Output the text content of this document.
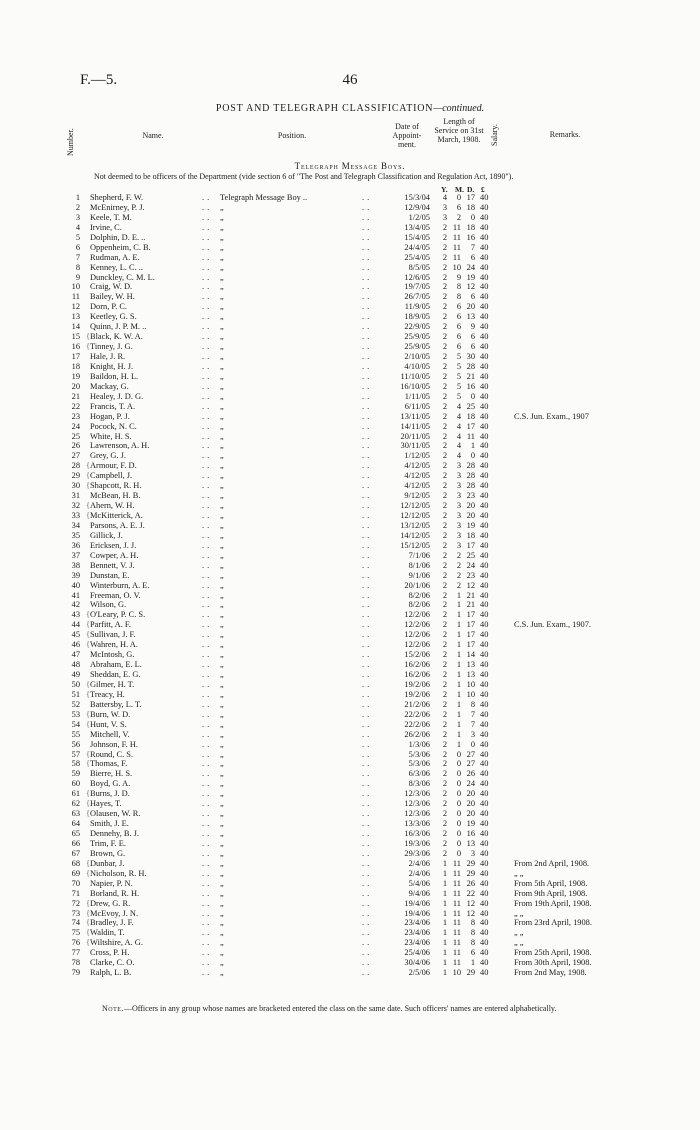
F.—5.	46
POST AND TELEGRAPH CLASSIFICATION—continued.
Number.	Name.	Position.
Date of Appoint-ment.
Length of Service on 31st March, 1908.	Salary.	Remarks.
Telegraph Message Boys.
Not deemed to be officers of the Department (vide section 6 of "The Post and Telegraph Classification and Regulation Act, 1890").
Y. M. D. £
1 Shepherd, F. W.	Telegraph Message Boy ..	15/3/04 4	0 17 40
..	..
2 McEnirney, P. J.	„	12/9/04 3	6 18 40
..	..
3 Keele, T. M.	„	1/2/05 3	2	0 40
..	..
4 Irvine, C.	„	13/4/05 2 11 18 40
..	..
5 Dolphin, D. E. ..	„	15/4/05 2 11 16 40
..	..
6 Oppenheim, C. B.	„	24/4/05 2 11	7 40
..	..
7 Rudman, A. E.	„	25/4/05 2 11	6 40
..	..
8 Kenney, L. C. ..	„	8/5/05 2 10 24 40
..	..
9 Dunckley, C. M. L.	„	12/6/05 2	9 19 40
..	..
10 Craig, W. D.	„	19/7/05 2	8 12 40
..	..
11 Bailey, W. H.	„	26/7/05 2	8	6 40
..	..
12 Dorn, P. C.	„	11/9/05 2	6 20 40
..	..
13 Keetley, G. S.	„	18/9/05 2	6 13 40
..	..
14 Quinn, J. P. M. ..	„	22/9/05 2	6	9 40
..	..
15 Black, K. W. A.	„	25/9/05 2	6	6 40
..	..
{
16 Tinney, J. G.	„	25/9/05 2	6	6 40
..	..
{
17 Hale, J. R.	„	2/10/05 2	5 30 40
..	..
18 Knight, H. J.	„	4/10/05 2	5 28 40
..	..
19 Baildon, H. L.	„	11/10/05 2	5 21 40
..	..
20 Mackay, G.	„	16/10/05 2	5 16 40
..	..
21 Healey, J. D. G.	„	1/11/05 2	5	0 40
..	..
22 Francis, T. A.	„	6/11/05 2	4 25 40
..	..
23 Hogan, P. J.	„	13/11/05 2	4 18 40	C.S. Jun. Exam., 1907
..	..
24 Pocock, N. C.	„	14/11/05 2	4 17 40
..	..
25 White, H. S.	„	20/11/05 2	4 11 40
..	..
26 Lawrenson, A. H.	„	30/11/05 2	4	1 40
..	..
27 Grey, G. J.	„	1/12/05 2	4	0 40
..	..
28 Armour, F. D.	„	4/12/05 2	3 28 40
..	..
{
29 Campbell, J.	„	4/12/05 2	3 28 40
..	..
{
30 Shapcott, R. H.	„	4/12/05 2	3 28 40
..	..
{
31 McBean, H. B.	„	9/12/05 2	3 23 40
..	..
32 Ahern, W. H.	„	12/12/05 2	3 20 40
..	..
{
33 McKitterick, A.	„	12/12/05 2	3 20 40
..	..
{
34 Parsons, A. E. J.	„	13/12/05 2	3 19 40
..	..
35 Gillick, J.	„	14/12/05 2	3 18 40
..	..
36 Ericksen, J. J.	„	15/12/05 2	3 17 40
..	..
37 Cowper, A. H.	„	7/1/06 2	2 25 40
..	..
38 Bennett, V. J.	„	8/1/06 2	2 24 40
..	..
39 Dunstan, E.	„	9/1/06 2	2 23 40
..	..
40 Winterburn, A. E.	„	20/1/06 2	2 12 40
..	..
41 Freeman, O. V.	„	8/2/06 2	1 21 40
..	..
42 Wilson, G.	„	8/2/06 2	1 21 40
..	..
43 O'Leary, P. C. S.	„	12/2/06 2	1 17 40
..	..
{
44 Parfitt, A. F.	„	12/2/06 2	1 17 40	C.S. Jun. Exam., 1907.
..	..
{
45 Sullivan, J. F.	„	12/2/06 2	1 17 40
..	..
{
46 Wahren, H. A.	„	12/2/06 2	1 17 40
..	..
{
47 McIntosh, G.	„	15/2/06 2	1 14 40
..	..
48 Abraham, E. L.	„	16/2/06 2	1 13 40
..	..
49 Sheddan, E. G.	„	16/2/06 2	1 13 40
..	..
50 Gilmer, H. T.	„	19/2/06 2	1 10 40
..	..
{
51 Treacy, H.	„	19/2/06 2	1 10 40
..	..
{
52 Battersby, L. T.	„	21/2/06 2	1	8 40
..	..
53 Burn, W. D.	„	22/2/06 2	1	7 40
..	..
{
54 Hunt, V. S.	„	22/2/06 2	1	7 40
..	..
{
55 Mitchell, V.	„	26/2/06 2	1	3 40
..	..
56 Johnson, F. H.	„	1/3/06 2	1	0 40
..	..
57 Round, C. S.	„	5/3/06 2	0 27 40
..	..
{
58 Thomas, F.	„	5/3/06 2	0 27 40
..	..
{
59 Bierre, H. S.	„	6/3/06 2	0 26 40
..	..
60 Boyd, G. A.	„	8/3/06 2	0 24 40
..	..
61 Burns, J. D.	„	12/3/06 2	0 20 40
..	..
{
62 Hayes, T.	„	12/3/06 2	0 20 40
..	..
{
63 Olausen, W. R.	„	12/3/06 2	0 20 40
..	..
{
64 Smith, J. E.	„	13/3/06 2	0 19 40
..	..
65 Dennehy, B. J.	„	16/3/06 2	0 16 40
..	..
66 Trim, F. E.	„	19/3/06 2	0 13 40
..	..
67 Brown, G.	„	29/3/06 2	0	3 40
..	..
68 Dunbar, J.	„	2/4/06 1 11 29 40	From 2nd April, 1908.
..	..
{
69 Nicholson, R. H.	„	2/4/06 1 11 29 40	„ „
..	..
{
70 Napier, P. N.	„	5/4/06 1 11 26 40	From 5th April, 1908.
..	..
71 Borland, R. H.	„	9/4/06 1 11 22 40	From 9th April, 1908.
..	..
72 Drew, G. R.	„	19/4/06 1 11 12 40	From 19th April, 1908.
..	..
{
73 McEvoy, J. N.	„	19/4/06 1 11 12 40	„ „
..	..
{
74 Bradley, J. F.	„	23/4/06 1 11	8 40	From 23rd April, 1908.
..	..
{
75 Waldin, T.	„	23/4/06 1 11	8 40	„ „
..	..
{
76 Wiltshire, A. G.	„	23/4/06 1 11	8 40	„ „
..	..
{
77 Cross, P. H.	„	25/4/06 1 11	6 40	From 25th April, 1908.
..	..
78 Clarke, C. O.	„	30/4/06 1 11	1 40	From 30th April, 1908.
..	..
79 Ralph, L. B.	„	2/5/06 1 10 29 40	From 2nd May, 1908.
..	..
Note.—Officers in any group whose names are bracketed entered the class on the same date. Such officers' names are entered alphabetically.
